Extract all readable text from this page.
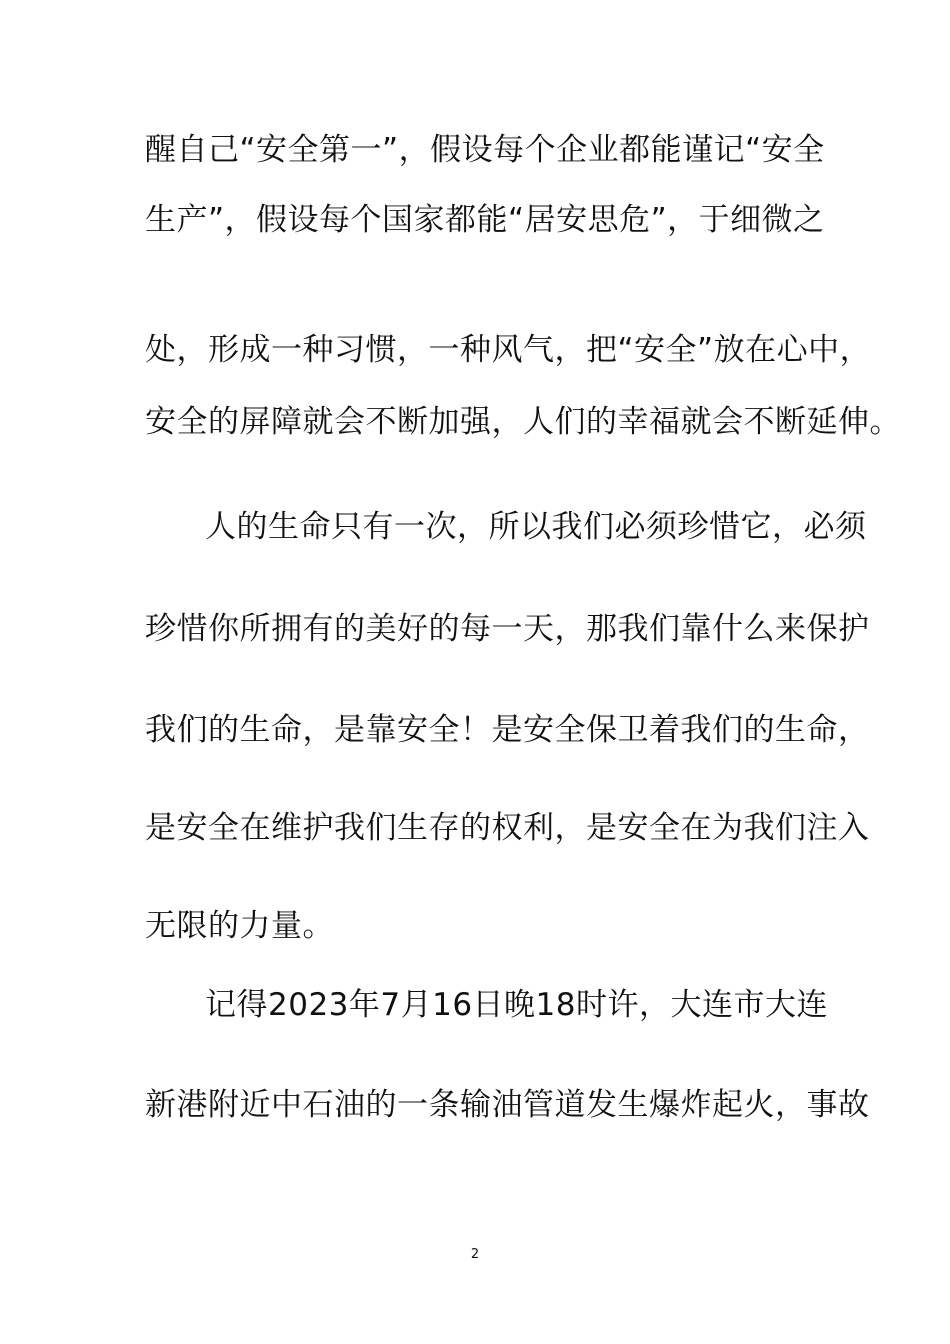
醒自己“安全第一”，假设每个企业都能谨记“安全
生产”，假设每个国家都能“居安思危”，于细微之
处，形成一种习惯，一种风气，把“安全”放在心中，
安全的屏障就会不断加强，人们的幸福就会不断延伸。
人的生命只有一次，所以我们必须珍惜它，必须
珍惜你所拥有的美好的每一天，那我们靠什么来保护
我们的生命，是靠安全！是安全保卫着我们的生命，
是安全在维护我们生存的权利，是安全在为我们注入
无限的力量。
记得2023年7月16日晚18时许，大连市大连
新港附近中石油的一条输油管道发生爆炸起火，事故
2
